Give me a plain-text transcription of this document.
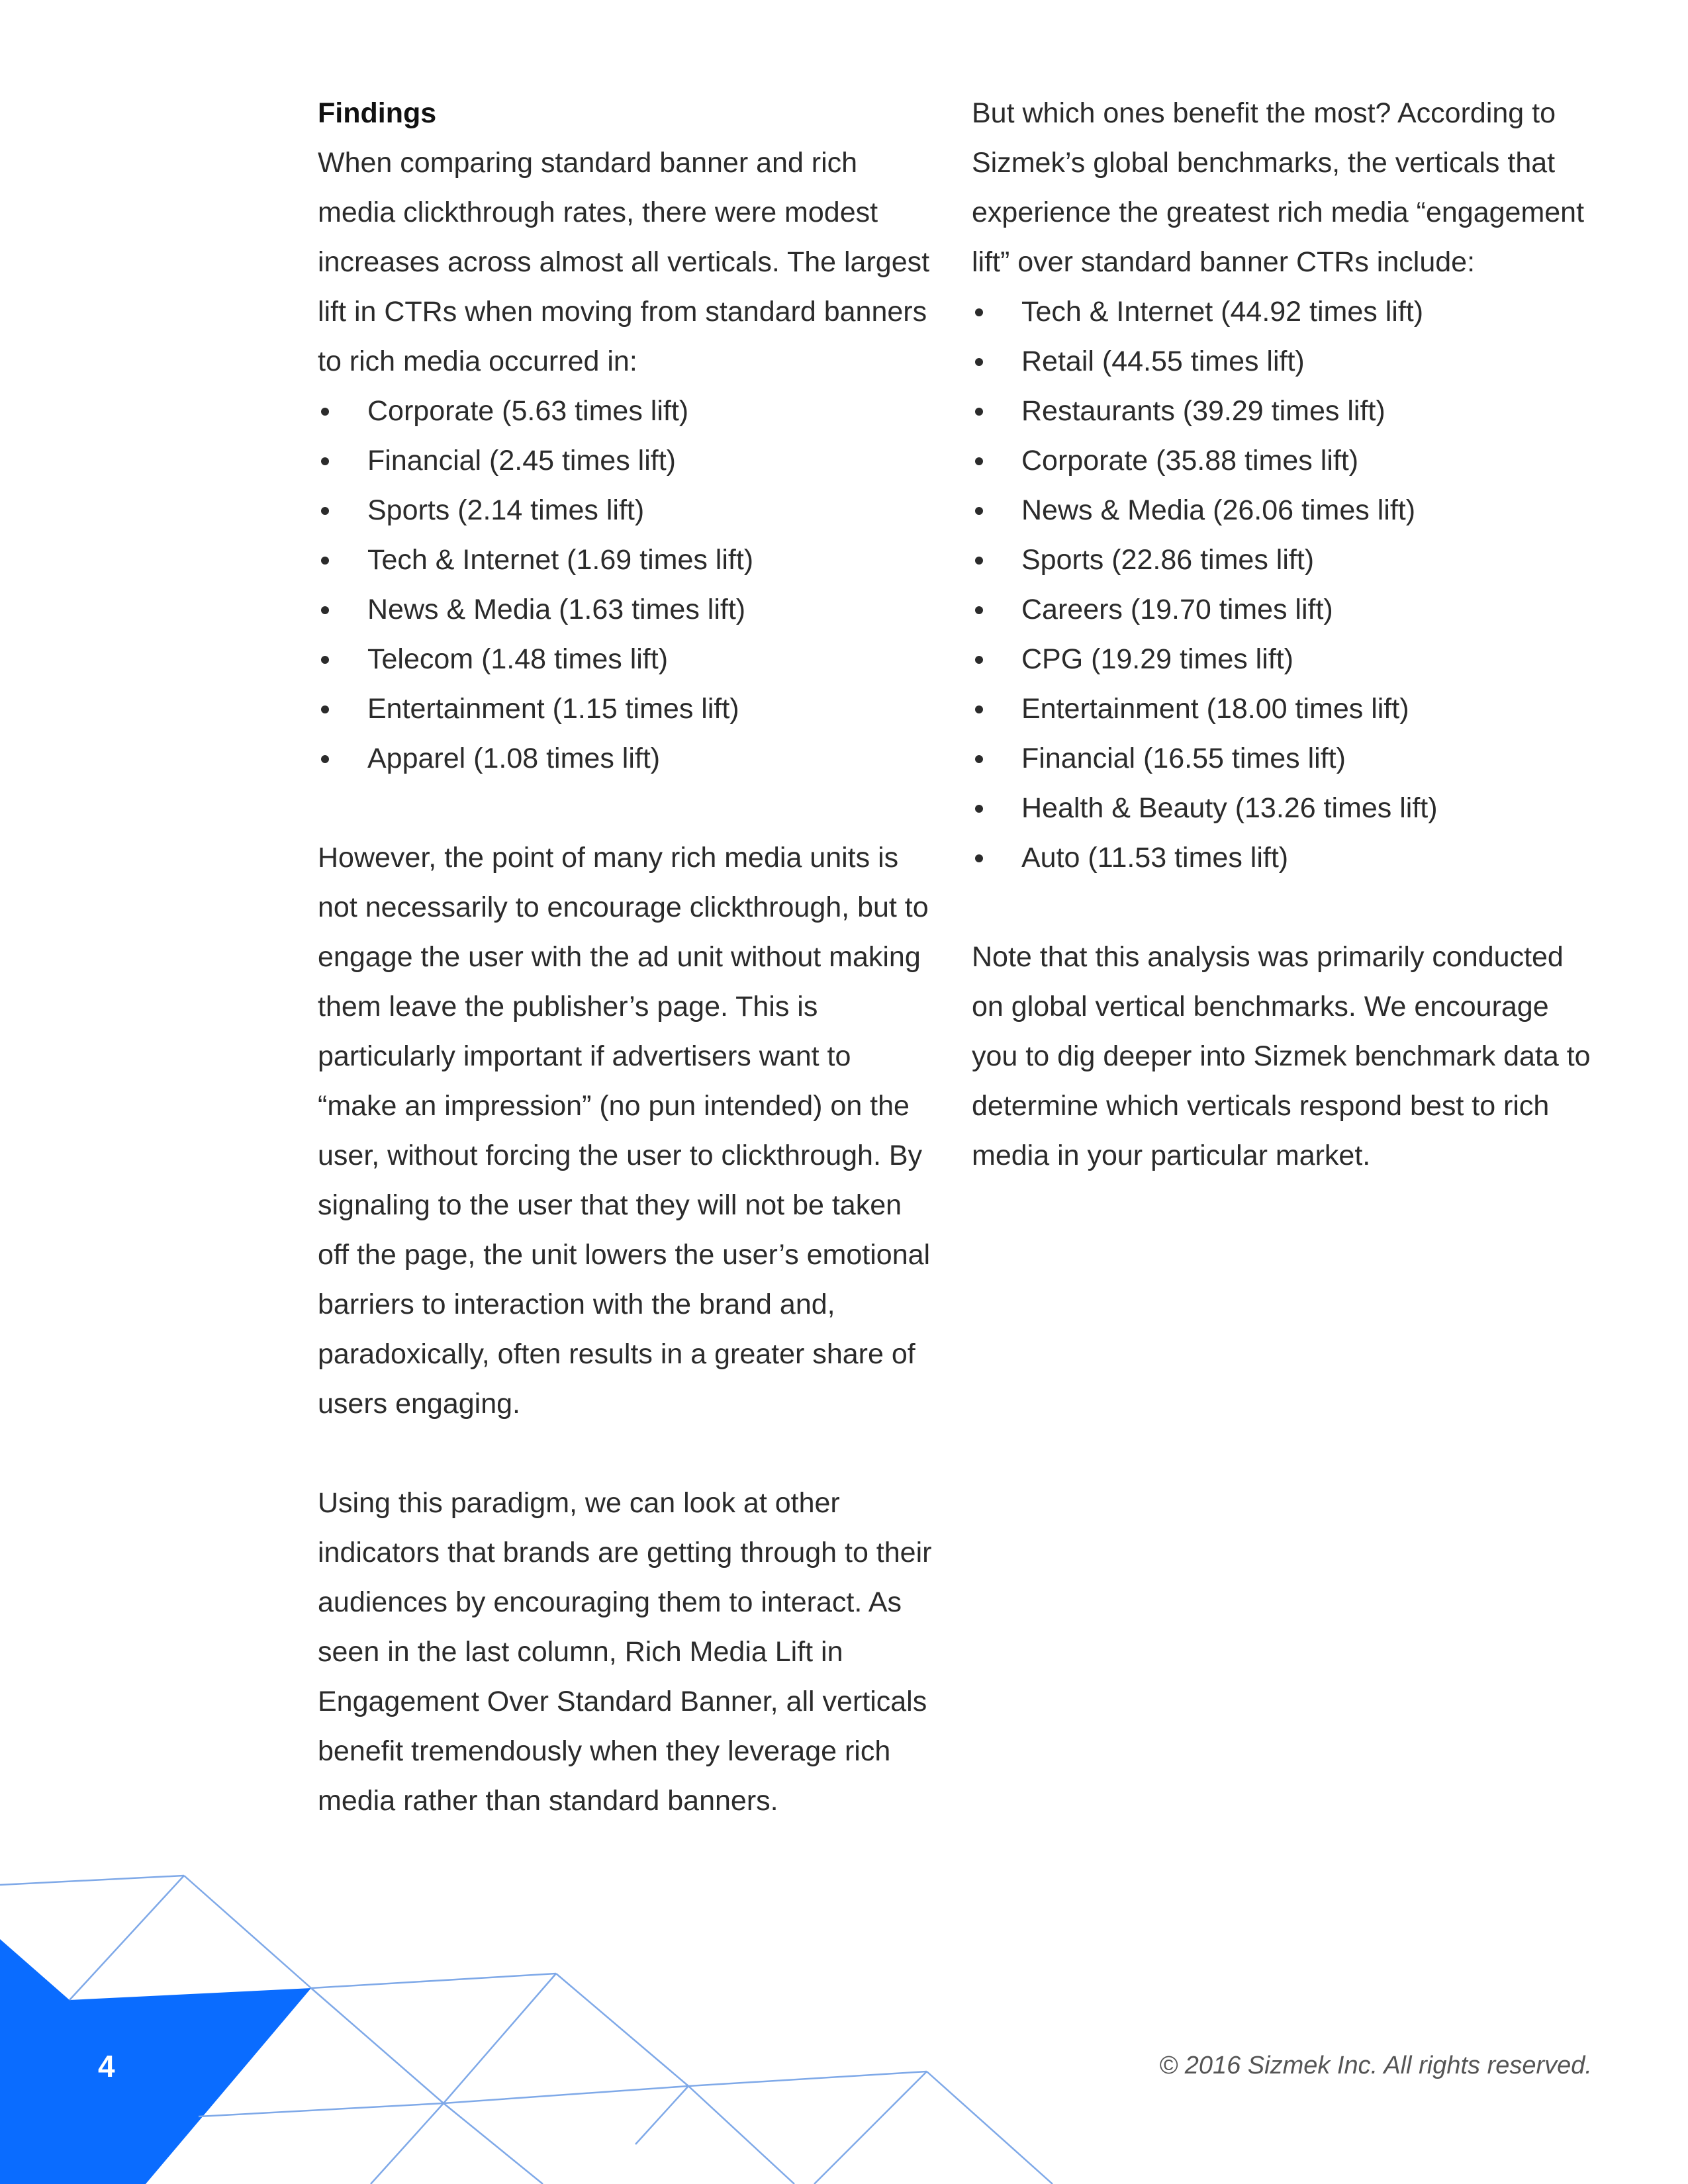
Findings

When comparing standard banner and rich media clickthrough rates, there were modest increases across almost all verticals. The largest lift in CTRs when moving from standard banners to rich media occurred in:

Corporate (5.63 times lift)
Financial (2.45 times lift)
Sports (2.14 times lift)
Tech & Internet (1.69 times lift)
News & Media (1.63 times lift)
Telecom (1.48 times lift)
Entertainment (1.15 times lift)
Apparel (1.08 times lift)

However, the point of many rich media units is not necessarily to encourage clickthrough, but to engage the user with the ad unit without making them leave the publisher’s page. This is particularly important if advertisers want to “make an impression” (no pun intended) on the user, without forcing the user to clickthrough. By signaling to the user that they will not be taken off the page, the unit lowers the user’s emotional barriers to interaction with the brand and, paradoxically, often results in a greater share of users engaging.

Using this paradigm, we can look at other indicators that brands are getting through to their audiences by encouraging them to interact. As seen in the last column, Rich Media Lift in Engagement Over Standard Banner, all verticals benefit tremendously when they leverage rich media rather than standard banners.

But which ones benefit the most? According to Sizmek’s global benchmarks, the verticals that experience the greatest rich media “engagement lift” over standard banner CTRs include:

Tech & Internet (44.92 times lift)
Retail (44.55 times lift)
Restaurants (39.29 times lift)
Corporate (35.88 times lift)
News & Media (26.06 times lift)
Sports (22.86 times lift)
Careers (19.70 times lift)
CPG (19.29 times lift)
Entertainment (18.00 times lift)
Financial (16.55 times lift)
Health & Beauty (13.26 times lift)
Auto (11.53 times lift)

Note that this analysis was primarily conducted on global vertical benchmarks. We encourage you to dig deeper into Sizmek benchmark data to determine which verticals respond best to rich media in your particular market.

4	© 2016 Sizmek Inc. All rights reserved.
